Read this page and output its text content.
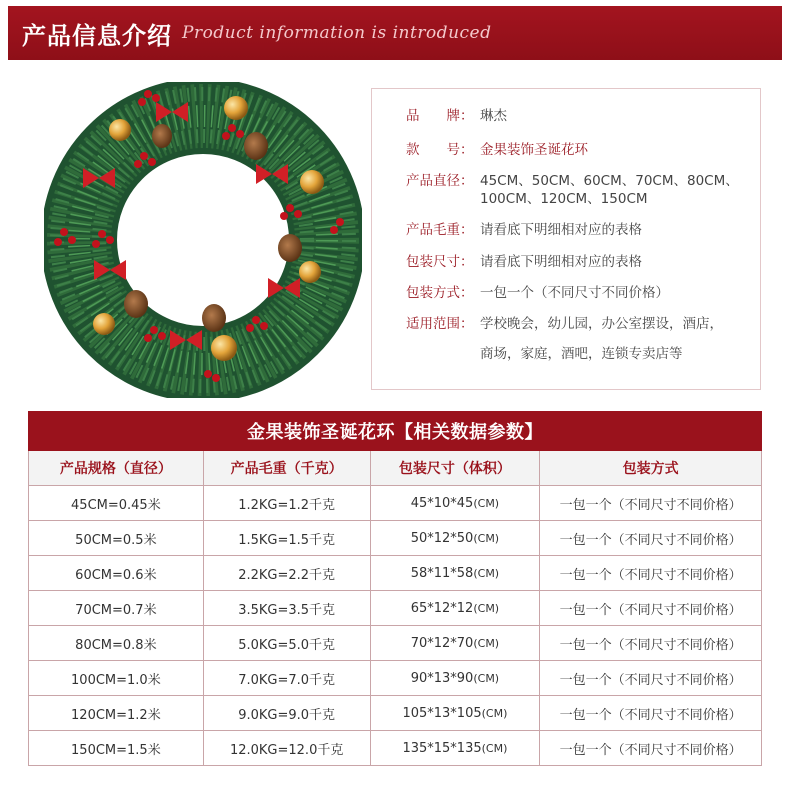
产品信息介绍 Product information is introduced
品　　牌： 琳杰
款　　号： 金果装饰圣诞花环
产品直径： 45CM、50CM、60CM、70CM、80CM、100CM、120CM、150CM
产品毛重： 请看底下明细相对应的表格
包装尺寸： 请看底下明细相对应的表格
包装方式： 一包一个（不同尺寸不同价格）
适用范围： 学校晚会，幼儿园，办公室摆设，酒店，
商场，家庭，酒吧，连锁专卖店等
金果装饰圣诞花环【相关数据参数】
产品规格（直径）	产品毛重（千克）	包装尺寸（体积）	包装方式
45CM=0.45米	1.2KG=1.2千克	45*10*45 (CM)	一包一个（不同尺寸不同价格）
50CM=0.5米	1.5KG=1.5千克	50*12*50 (CM)	一包一个（不同尺寸不同价格）
60CM=0.6米	2.2KG=2.2千克	58*11*58 (CM)	一包一个（不同尺寸不同价格）
70CM=0.7米	3.5KG=3.5千克	65*12*12 (CM)	一包一个（不同尺寸不同价格）
80CM=0.8米	5.0KG=5.0千克	70*12*70 (CM)	一包一个（不同尺寸不同价格）
100CM=1.0米	7.0KG=7.0千克	90*13*90 (CM)	一包一个（不同尺寸不同价格）
120CM=1.2米	9.0KG=9.0千克	105*13*105 (CM)	一包一个（不同尺寸不同价格）
150CM=1.5米	12.0KG=12.0千克	135*15*135 (CM)	一包一个（不同尺寸不同价格）
